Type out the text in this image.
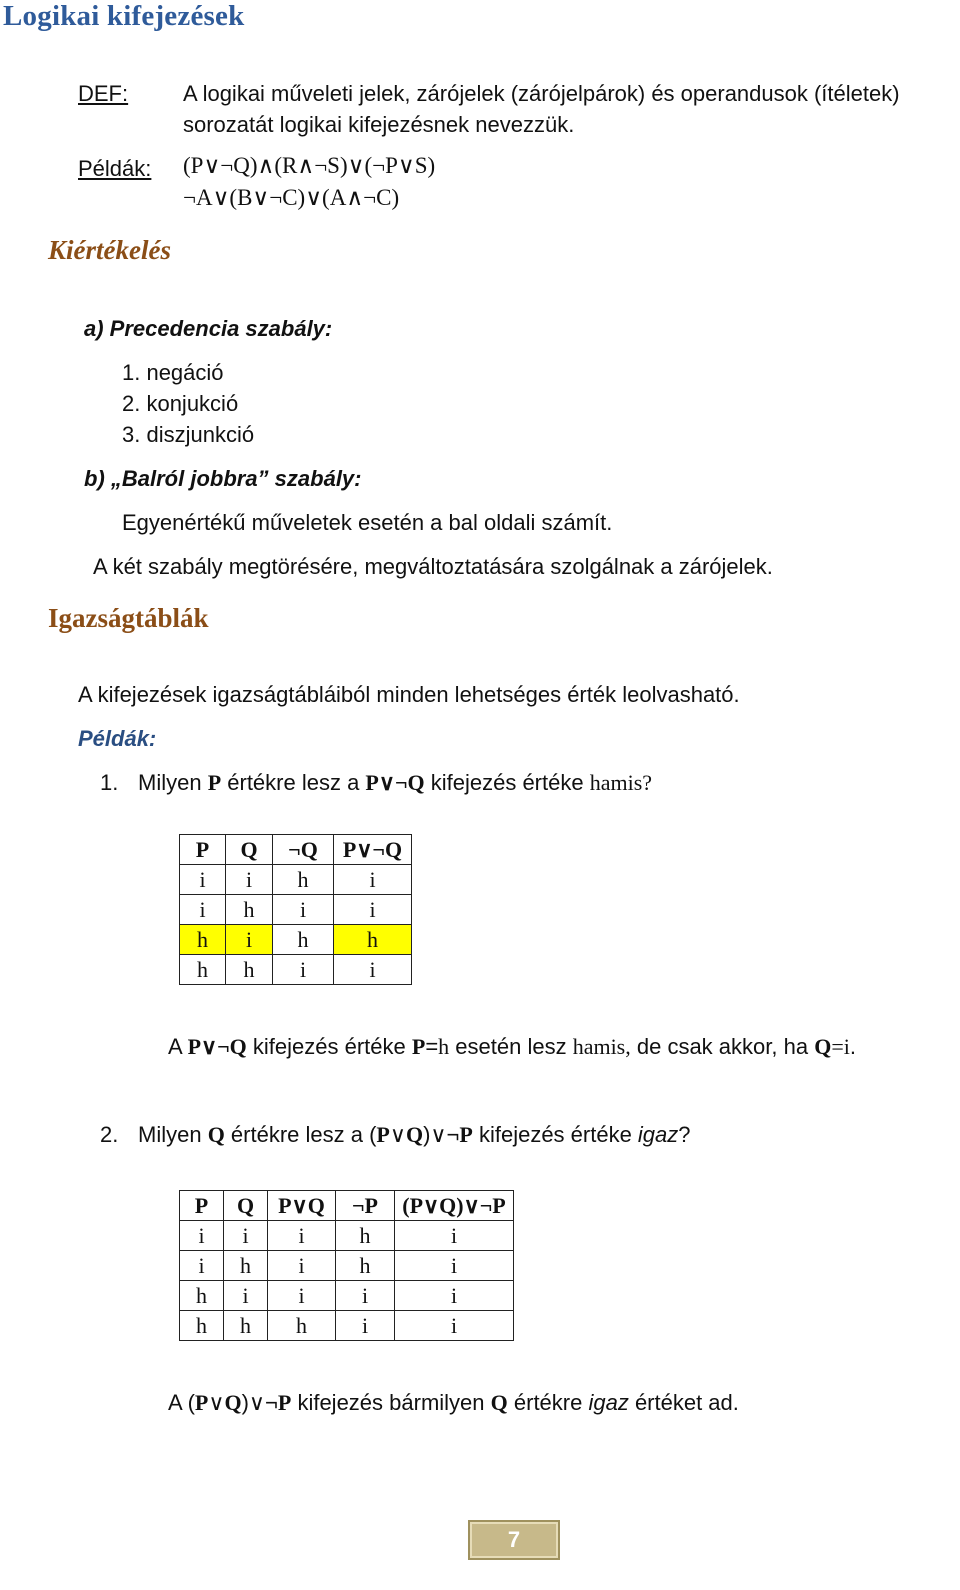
Logikai kifejezések
DEF: A logikai műveleti jelek, zárójelek (zárójelpárok) és operandusok (ítéletek)
sorozatát logikai kifejezésnek nevezzük.
Példák: (P∨¬Q)∧(R∧¬S)∨(¬P∨S)
¬A∨(B∨¬C)∨(A∧¬C)
Kiértékelés
a) Precedencia szabály:
1. negáció
2. konjukció
3. diszjunkció
b) „Balról jobbra” szabály:
Egyenértékű műveletek esetén a bal oldali számít.
A két szabály megtörésére, megváltoztatására szolgálnak a zárójelek.
Igazságtáblák
A kifejezések igazságtábláiból minden lehetséges érték leolvasható.
Példák:
1. Milyen P értékre lesz a P∨¬Q kifejezés értéke hamis?
P	Q	¬Q	P∨¬Q
i	i	h	i
i	h	i	i
h	i	h	h
h	h	i	i
A P∨¬Q kifejezés értéke P=h esetén lesz hamis, de csak akkor, ha Q=i.
2. Milyen Q értékre lesz a (P∨Q)∨¬P kifejezés értéke igaz?
P	Q	P∨Q	¬P	(P∨Q)∨¬P
i	i	i	h	i
i	h	i	h	i
h	i	i	i	i
h	h	h	i	i
A (P∨Q)∨¬P kifejezés bármilyen Q értékre igaz értéket ad.
7
